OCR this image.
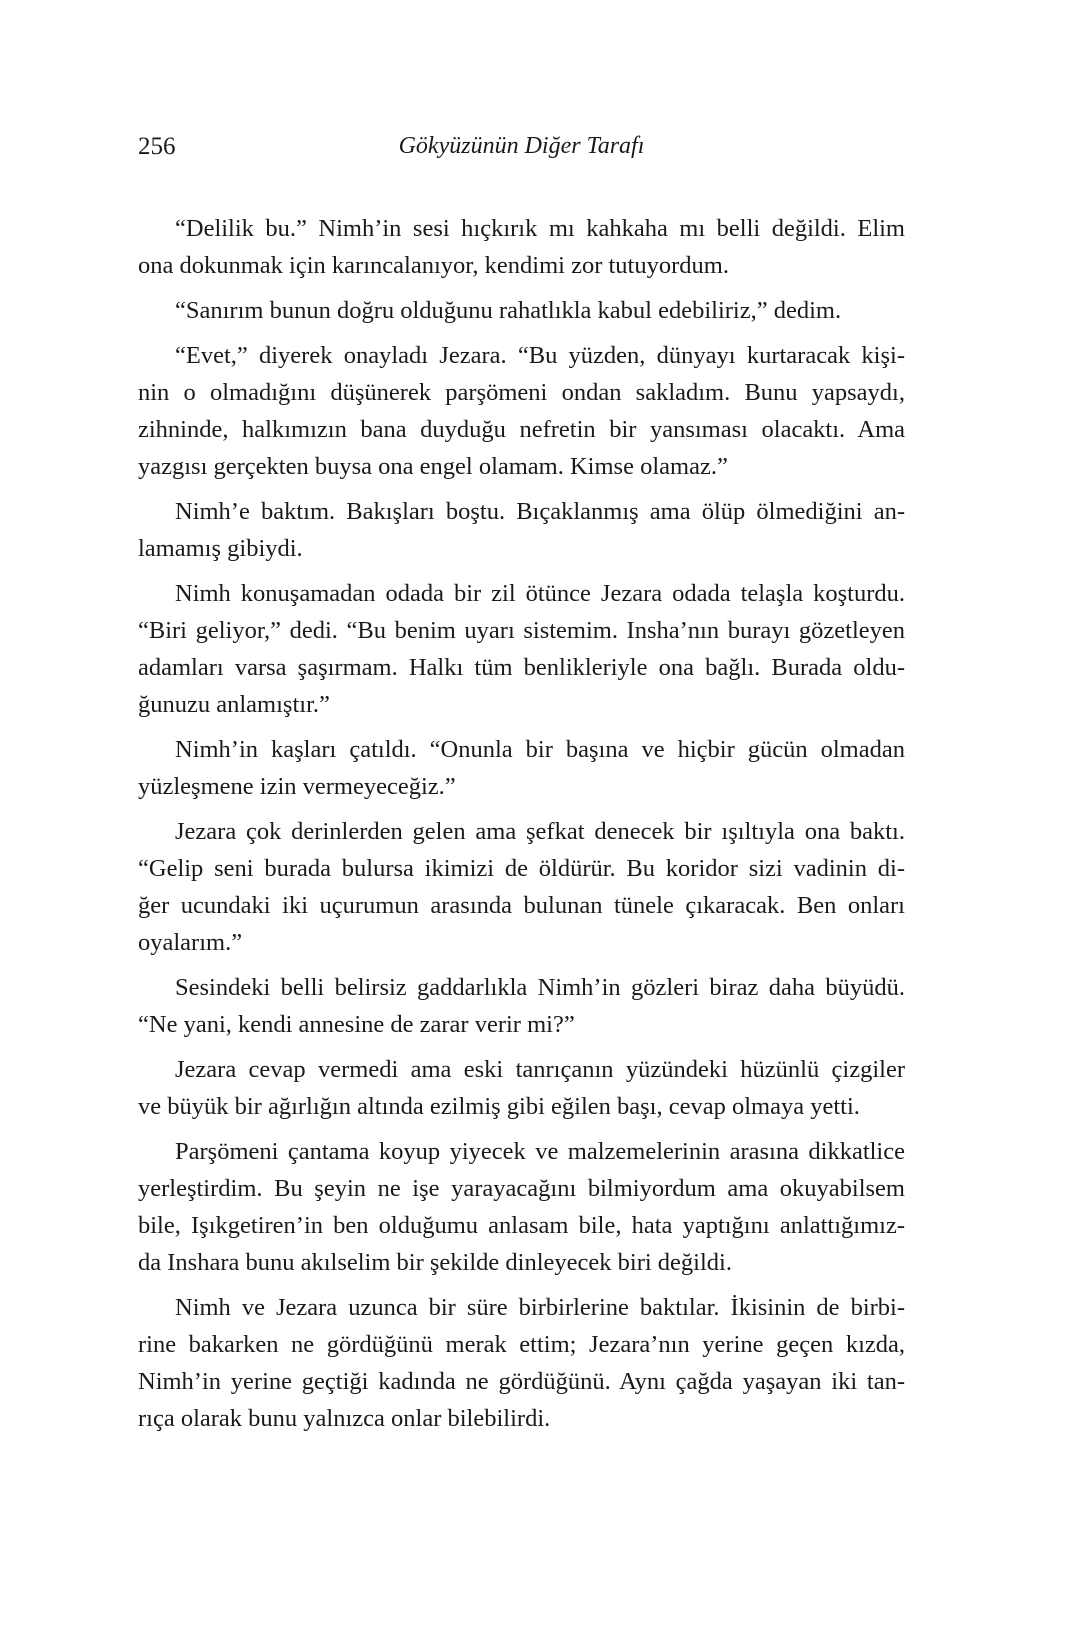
256	Gökyüzünün Diğer Tarafı
“Delilik bu.” Nimh’in sesi hıçkırık mı kahkaha mı belli değildi. Elim
ona dokunmak için karıncalanıyor, kendimi zor tutuyordum.
“Sanırım bunun doğru olduğunu rahatlıkla kabul edebiliriz,” dedim.
“Evet,” diyerek onayladı Jezara. “Bu yüzden, dünyayı kurtaracak kişi-
nin o olmadığını düşünerek parşömeni ondan sakladım. Bunu yapsaydı,
zihninde, halkımızın bana duyduğu nefretin bir yansıması olacaktı. Ama
yazgısı gerçekten buysa ona engel olamam. Kimse olamaz.”
Nimh’e baktım. Bakışları boştu. Bıçaklanmış ama ölüp ölmediğini an-
lamamış gibiydi.
Nimh konuşamadan odada bir zil ötünce Jezara odada telaşla koşturdu.
“Biri geliyor,” dedi. “Bu benim uyarı sistemim. Insha’nın burayı gözetleyen
adamları varsa şaşırmam. Halkı tüm benlikleriyle ona bağlı. Burada oldu-
ğunuzu anlamıştır.”
Nimh’in kaşları çatıldı. “Onunla bir başına ve hiçbir gücün olmadan
yüzleşmene izin vermeyeceğiz.”
Jezara çok derinlerden gelen ama şefkat denecek bir ışıltıyla ona baktı.
“Gelip seni burada bulursa ikimizi de öldürür. Bu koridor sizi vadinin di-
ğer ucundaki iki uçurumun arasında bulunan tünele çıkaracak. Ben onları
oyalarım.”
Sesindeki belli belirsiz gaddarlıkla Nimh’in gözleri biraz daha büyüdü.
“Ne yani, kendi annesine de zarar verir mi?”
Jezara cevap vermedi ama eski tanrıçanın yüzündeki hüzünlü çizgiler
ve büyük bir ağırlığın altında ezilmiş gibi eğilen başı, cevap olmaya yetti.
Parşömeni çantama koyup yiyecek ve malzemelerinin arasına dikkatlice
yerleştirdim. Bu şeyin ne işe yarayacağını bilmiyordum ama okuyabilsem
bile, Işıkgetiren’in ben olduğumu anlasam bile, hata yaptığını anlattığımız-
da Inshara bunu akılselim bir şekilde dinleyecek biri değildi.
Nimh ve Jezara uzunca bir süre birbirlerine baktılar. İkisinin de birbi-
rine bakarken ne gördüğünü merak ettim; Jezara’nın yerine geçen kızda,
Nimh’in yerine geçtiği kadında ne gördüğünü. Aynı çağda yaşayan iki tan-
rıça olarak bunu yalnızca onlar bilebilirdi.
